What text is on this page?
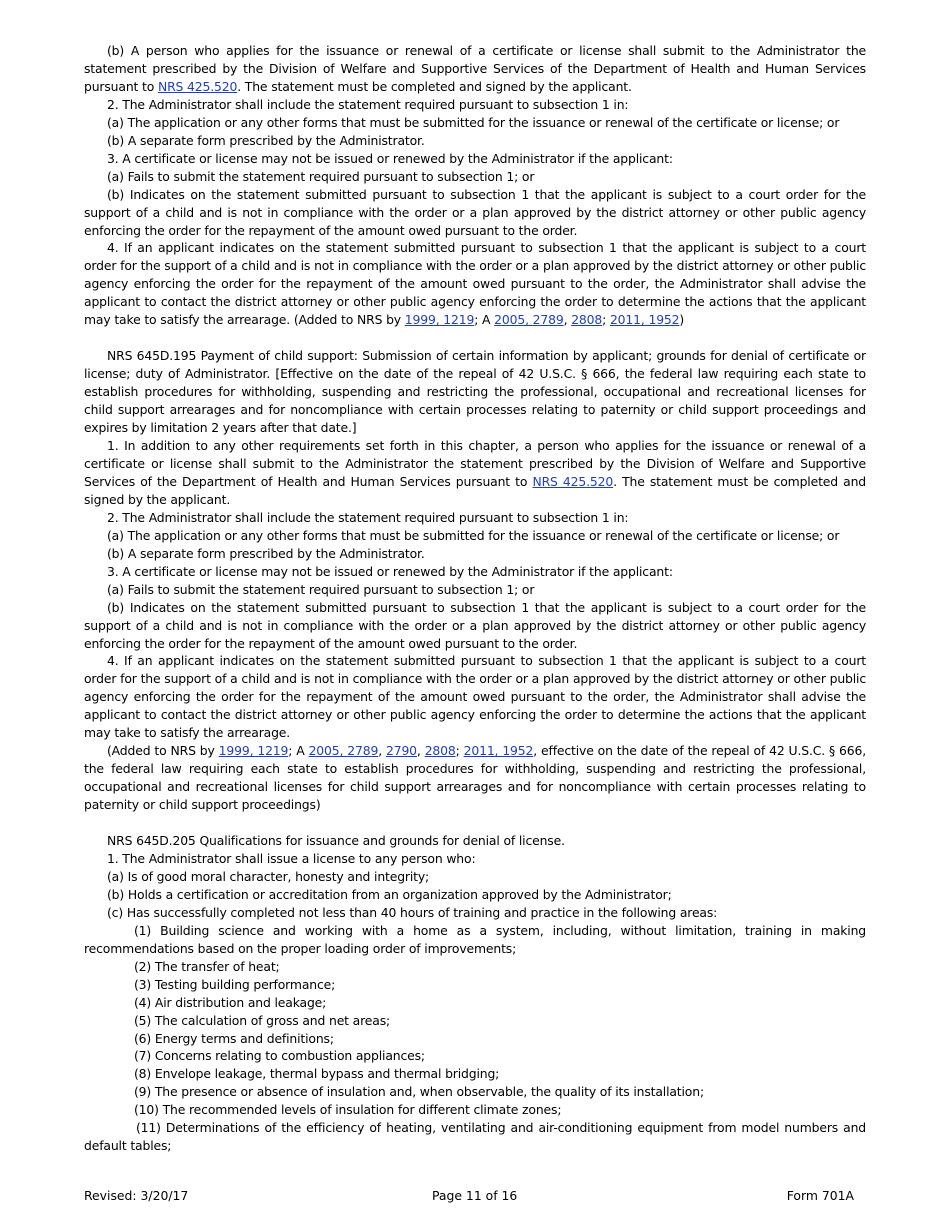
(b) A person who applies for the issuance or renewal of a certificate or license shall submit to the Administrator the statement prescribed by the Division of Welfare and Supportive Services of the Department of Health and Human Services pursuant to NRS 425.520. The statement must be completed and signed by the applicant.

2. The Administrator shall include the statement required pursuant to subsection 1 in:

(a) The application or any other forms that must be submitted for the issuance or renewal of the certificate or license; or

(b) A separate form prescribed by the Administrator.

3. A certificate or license may not be issued or renewed by the Administrator if the applicant:

(a) Fails to submit the statement required pursuant to subsection 1; or

(b) Indicates on the statement submitted pursuant to subsection 1 that the applicant is subject to a court order for the support of a child and is not in compliance with the order or a plan approved by the district attorney or other public agency enforcing the order for the repayment of the amount owed pursuant to the order.

4. If an applicant indicates on the statement submitted pursuant to subsection 1 that the applicant is subject to a court order for the support of a child and is not in compliance with the order or a plan approved by the district attorney or other public agency enforcing the order for the repayment of the amount owed pursuant to the order, the Administrator shall advise the applicant to contact the district attorney or other public agency enforcing the order to determine the actions that the applicant may take to satisfy the arrearage. (Added to NRS by 1999, 1219; A 2005, 2789, 2808; 2011, 1952)

NRS 645D.195 Payment of child support: Submission of certain information by applicant; grounds for denial of certificate or license; duty of Administrator. [Effective on the date of the repeal of 42 U.S.C. § 666, the federal law requiring each state to establish procedures for withholding, suspending and restricting the professional, occupational and recreational licenses for child support arrearages and for noncompliance with certain processes relating to paternity or child support proceedings and expires by limitation 2 years after that date.]

1. In addition to any other requirements set forth in this chapter, a person who applies for the issuance or renewal of a certificate or license shall submit to the Administrator the statement prescribed by the Division of Welfare and Supportive Services of the Department of Health and Human Services pursuant to NRS 425.520. The statement must be completed and signed by the applicant.

2. The Administrator shall include the statement required pursuant to subsection 1 in:

(a) The application or any other forms that must be submitted for the issuance or renewal of the certificate or license; or

(b) A separate form prescribed by the Administrator.

3. A certificate or license may not be issued or renewed by the Administrator if the applicant:

(a) Fails to submit the statement required pursuant to subsection 1; or

(b) Indicates on the statement submitted pursuant to subsection 1 that the applicant is subject to a court order for the support of a child and is not in compliance with the order or a plan approved by the district attorney or other public agency enforcing the order for the repayment of the amount owed pursuant to the order.

4. If an applicant indicates on the statement submitted pursuant to subsection 1 that the applicant is subject to a court order for the support of a child and is not in compliance with the order or a plan approved by the district attorney or other public agency enforcing the order for the repayment of the amount owed pursuant to the order, the Administrator shall advise the applicant to contact the district attorney or other public agency enforcing the order to determine the actions that the applicant may take to satisfy the arrearage.

(Added to NRS by 1999, 1219; A 2005, 2789, 2790, 2808; 2011, 1952, effective on the date of the repeal of 42 U.S.C. § 666, the federal law requiring each state to establish procedures for withholding, suspending and restricting the professional, occupational and recreational licenses for child support arrearages and for noncompliance with certain processes relating to paternity or child support proceedings)

NRS 645D.205 Qualifications for issuance and grounds for denial of license.

1. The Administrator shall issue a license to any person who:

(a) Is of good moral character, honesty and integrity;

(b) Holds a certification or accreditation from an organization approved by the Administrator;

(c) Has successfully completed not less than 40 hours of training and practice in the following areas:

(1) Building science and working with a home as a system, including, without limitation, training in making recommendations based on the proper loading order of improvements;

(2) The transfer of heat;

(3) Testing building performance;

(4) Air distribution and leakage;

(5) The calculation of gross and net areas;

(6) Energy terms and definitions;

(7) Concerns relating to combustion appliances;

(8) Envelope leakage, thermal bypass and thermal bridging;

(9) The presence or absence of insulation and, when observable, the quality of its installation;

(10) The recommended levels of insulation for different climate zones;

(11) Determinations of the efficiency of heating, ventilating and air-conditioning equipment from model numbers and default tables;

Revised: 3/20/17	Page 11 of 16	Form 701A
